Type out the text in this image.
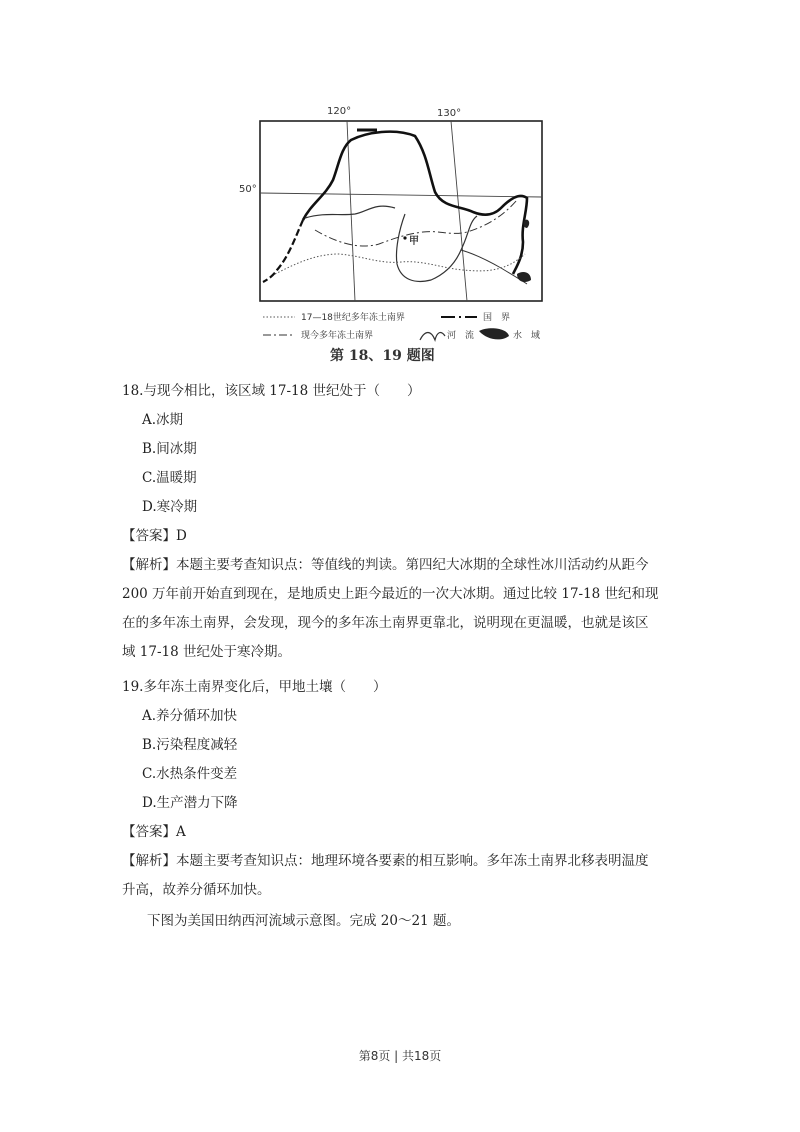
120°	130°
50°
甲
17—18世纪多年冻土南界	国　界
现今多年冻土南界	河　流	水　域
第 18、19 题图
18.与现今相比，该区域 17-18 世纪处于（　　）
A.冰期
B.间冰期
C.温暖期
D.寒冷期
【答案】D
【解析】本题主要考查知识点：等值线的判读。第四纪大冰期的全球性冰川活动约从距今
200 万年前开始直到现在，是地质史上距今最近的一次大冰期。通过比较 17-18 世纪和现
在的多年冻土南界，会发现，现今的多年冻土南界更靠北，说明现在更温暖，也就是该区
域 17-18 世纪处于寒冷期。
19.多年冻土南界变化后，甲地土壤（　　）
A.养分循环加快
B.污染程度减轻
C.水热条件变差
D.生产潜力下降
【答案】A
【解析】本题主要考查知识点：地理环境各要素的相互影响。多年冻土南界北移表明温度
升高，故养分循环加快。
下图为美国田纳西河流域示意图。完成 20～21 题。
第8页 | 共18页
